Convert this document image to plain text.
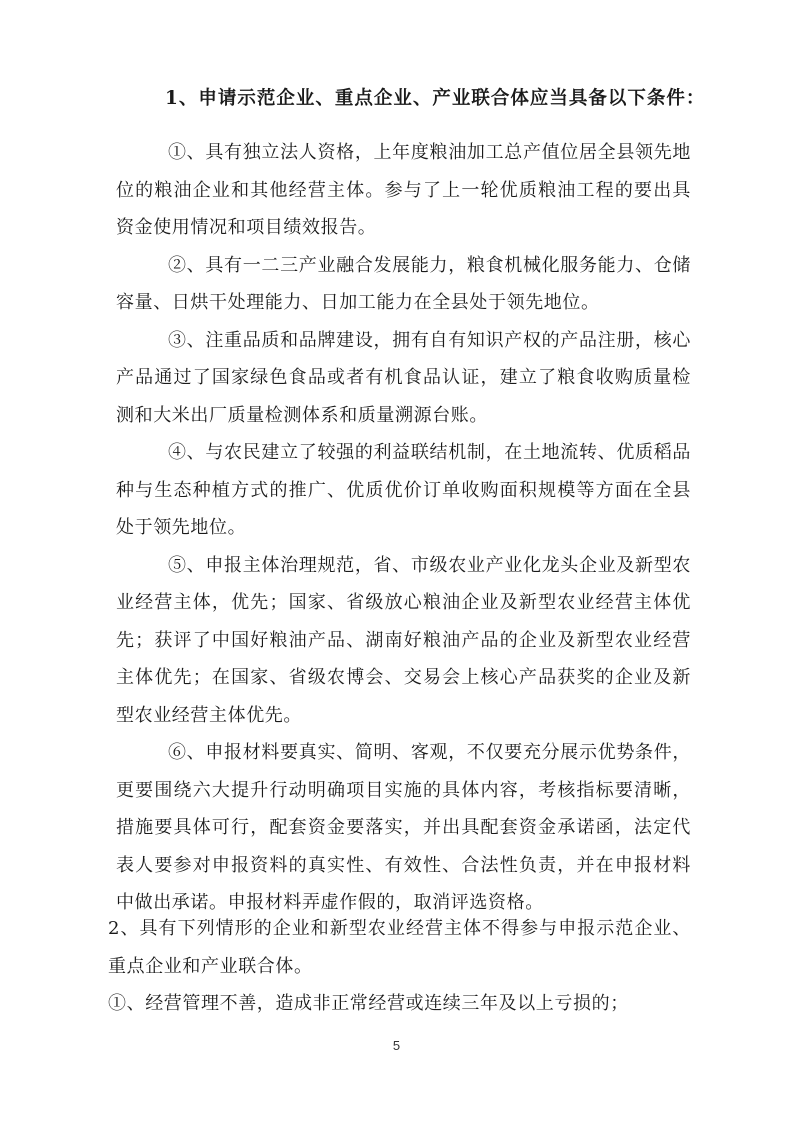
1、申请示范企业、重点企业、产业联合体应当具备以下条件：

①、具有独立法人资格，上年度粮油加工总产值位居全县领先地位的粮油企业和其他经营主体。参与了上一轮优质粮油工程的要出具资金使用情况和项目绩效报告。

②、具有一二三产业融合发展能力，粮食机械化服务能力、仓储容量、日烘干处理能力、日加工能力在全县处于领先地位。

③、注重品质和品牌建设，拥有自有知识产权的产品注册，核心产品通过了国家绿色食品或者有机食品认证，建立了粮食收购质量检测和大米出厂质量检测体系和质量溯源台账。

④、与农民建立了较强的利益联结机制，在土地流转、优质稻品种与生态种植方式的推广、优质优价订单收购面积规模等方面在全县处于领先地位。

⑤、申报主体治理规范，省、市级农业产业化龙头企业及新型农业经营主体，优先；国家、省级放心粮油企业及新型农业经营主体优先；获评了中国好粮油产品、湖南好粮油产品的企业及新型农业经营主体优先；在国家、省级农博会、交易会上核心产品获奖的企业及新型农业经营主体优先。

⑥、申报材料要真实、简明、客观，不仅要充分展示优势条件，更要围绕六大提升行动明确项目实施的具体内容，考核指标要清晰，措施要具体可行，配套资金要落实，并出具配套资金承诺函，法定代表人要参对申报资料的真实性、有效性、合法性负责，并在申报材料中做出承诺。申报材料弄虚作假的，取消评选资格。

2、具有下列情形的企业和新型农业经营主体不得参与申报示范企业、重点企业和产业联合体。

①、经营管理不善，造成非正常经营或连续三年及以上亏损的；

5
